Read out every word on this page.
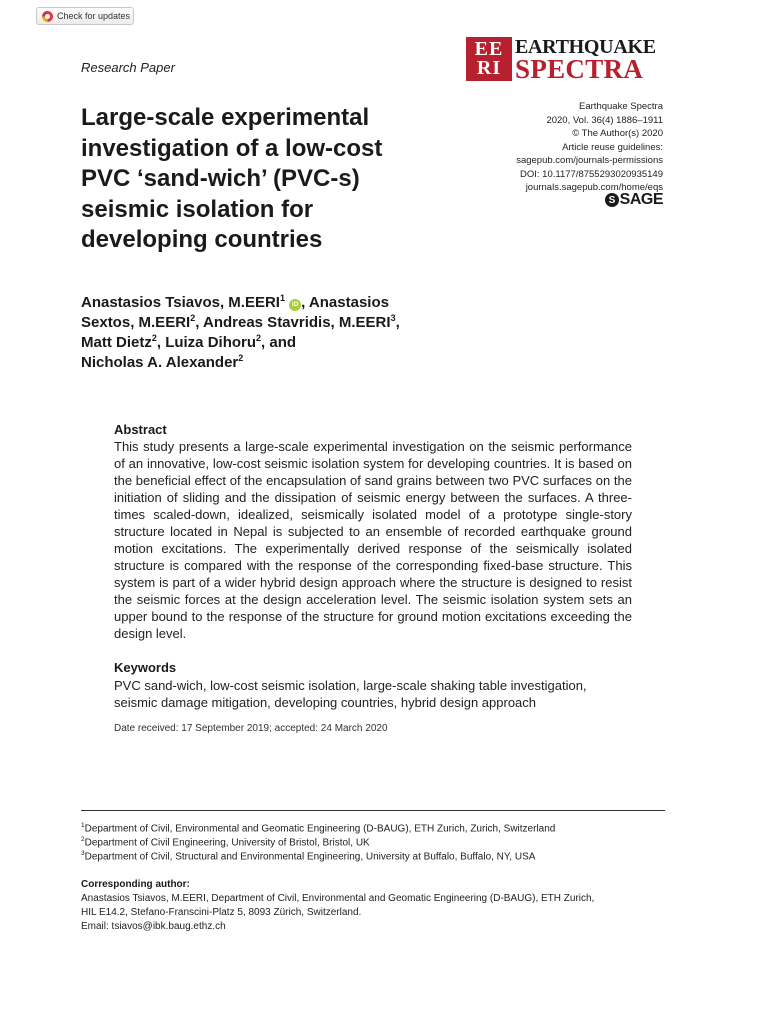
Check for updates
Research Paper
EE
RI
EARTHQUAKE
SPECTRA
Large-scale experimental
investigation of a low-cost
PVC ‘sand-wich’ (PVC-s)
seismic isolation for
developing countries
Earthquake Spectra
2020, Vol. 36(4) 1886–1911
© The Author(s) 2020
Article reuse guidelines:
sagepub.com/journals-permissions
DOI: 10.1177/8755293020935149
journals.sagepub.com/home/eqs
S SAGE
Anastasios Tsiavos, M.EERI$^1$ iD , Anastasios
Sextos, M.EERI$^2$, Andreas Stavridis, M.EERI$^3$,
Matt Dietz$^2$, Luiza Dihoru$^2$, and
Nicholas A. Alexander$^2$
Abstract
This study presents a large-scale experimental investigation on the seismic performance of an innovative, low-cost seismic isolation system for developing countries. It is based on the beneficial effect of the encapsulation of sand grains between two PVC surfaces on the initiation of sliding and the dissipation of seismic energy between the surfaces. A three-times scaled-down, idealized, seismically isolated model of a prototype single-story structure located in Nepal is subjected to an ensemble of recorded earthquake ground motion excitations. The experimentally derived response of the seismically isolated structure is compared with the response of the corresponding fixed-base structure. This system is part of a wider hybrid design approach where the structure is designed to resist the seismic forces at the design acceleration level. The seismic isolation system sets an upper bound to the response of the structure for ground motion excitations exceeding the design level.
Keywords
PVC sand-wich, low-cost seismic isolation, large-scale shaking table investigation, seismic damage mitigation, developing countries, hybrid design approach
Date received: 17 September 2019; accepted: 24 March 2020
$^1$Department of Civil, Environmental and Geomatic Engineering (D-BAUG), ETH Zurich, Zurich, Switzerland
$^2$Department of Civil Engineering, University of Bristol, Bristol, UK
$^3$Department of Civil, Structural and Environmental Engineering, University at Buffalo, Buffalo, NY, USA
Corresponding author:
Anastasios Tsiavos, M.EERI, Department of Civil, Environmental and Geomatic Engineering (D-BAUG), ETH Zurich,
HIL E14.2, Stefano-Franscini-Platz 5, 8093 Zürich, Switzerland.
Email: tsiavos@ibk.baug.ethz.ch
